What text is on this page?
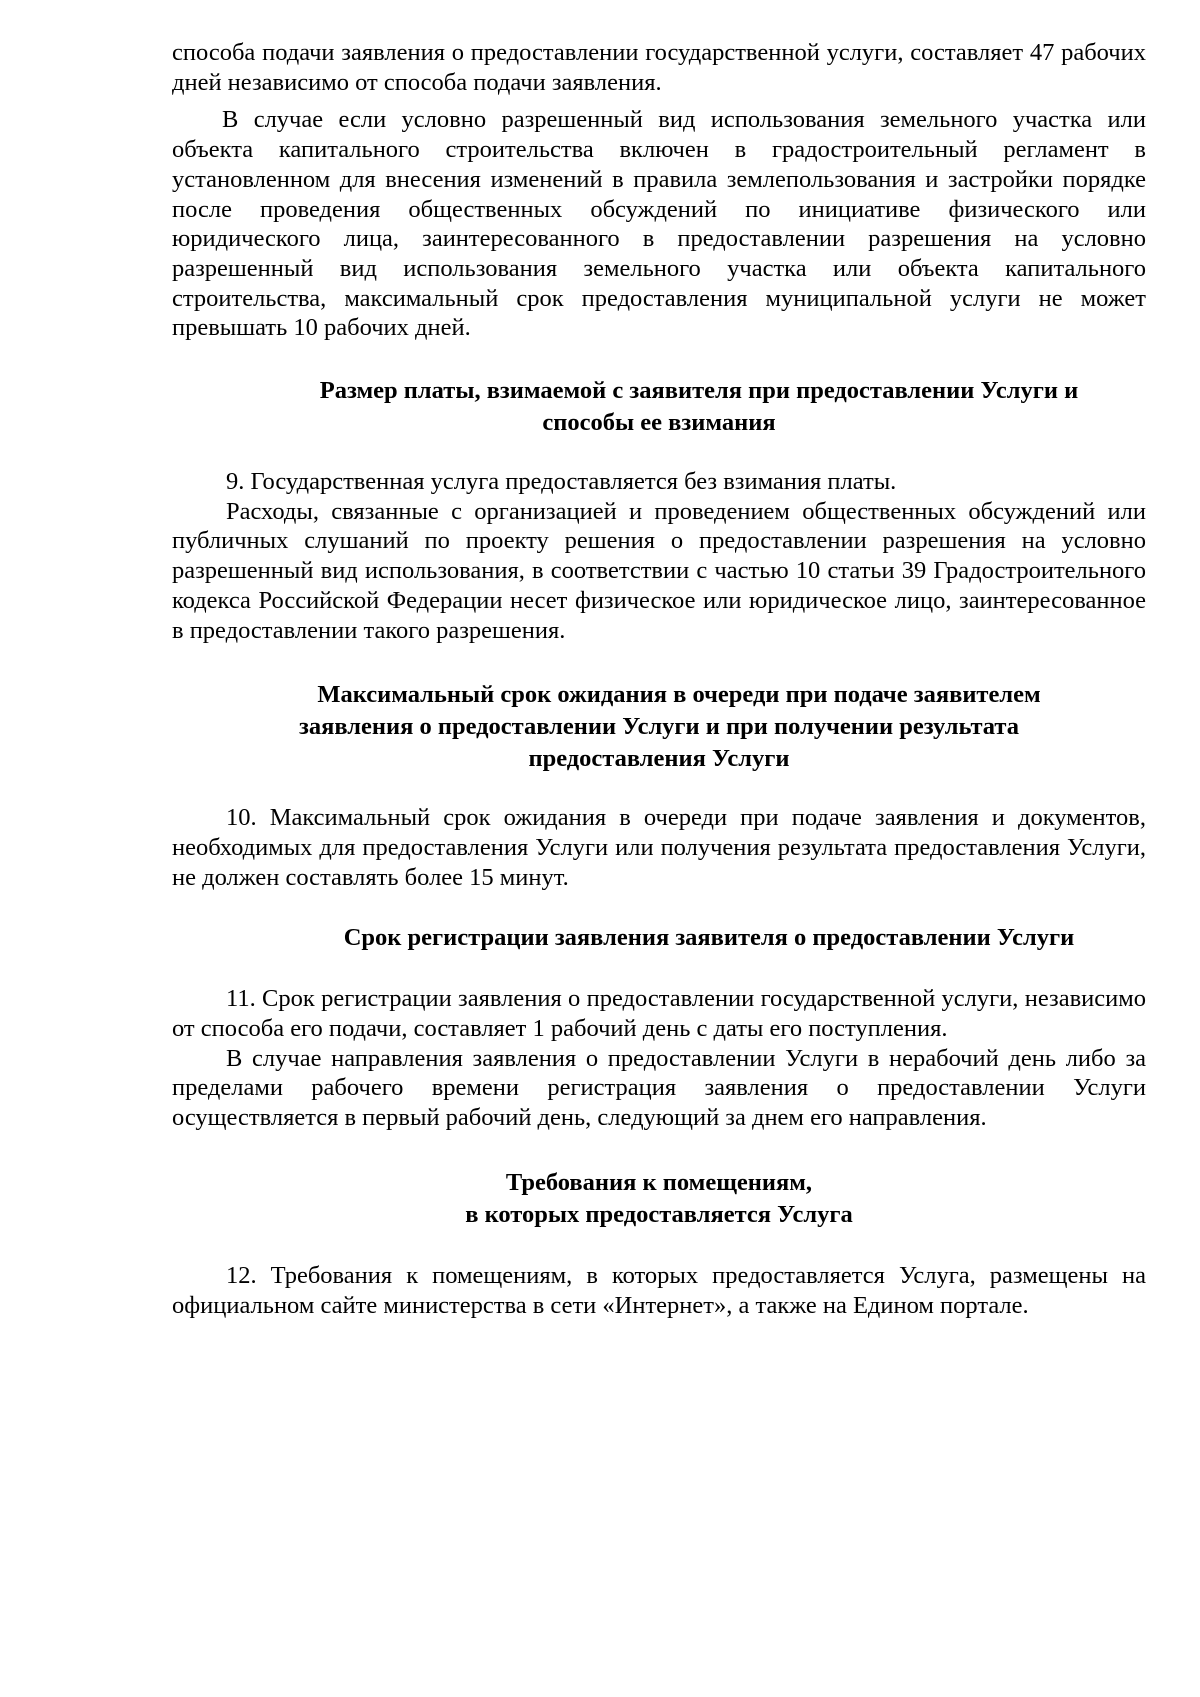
способа подачи заявления о предоставлении государственной услуги, составляет 47 рабочих дней независимо от способа подачи заявления.

В случае если условно разрешенный вид использования земельного участка или объекта капитального строительства включен в градостроительный регламент в установленном для внесения изменений в правила землепользования и застройки порядке после проведения общественных обсуждений по инициативе физического или юридического лица, заинтересованного в предоставлении разрешения на условно разрешенный вид использования земельного участка или объекта капитального строительства, максимальный срок предоставления муниципальной услуги не может превышать 10 рабочих дней.

Размер платы, взимаемой с заявителя при предоставлении Услуги и
способы ее взимания

9. Государственная услуга предоставляется без взимания платы.

Расходы, связанные с организацией и проведением общественных обсуждений или публичных слушаний по проекту решения о предоставлении разрешения на условно разрешенный вид использования, в соответствии с частью 10 статьи 39 Градостроительного кодекса Российской Федерации несет физическое или юридическое лицо, заинтересованное в предоставлении такого разрешения.

Максимальный срок ожидания в очереди при подаче заявителем
заявления о предоставлении Услуги и при получении результата
предоставления Услуги

10. Максимальный срок ожидания в очереди при подаче заявления и документов, необходимых для предоставления Услуги или получения результата предоставления Услуги, не должен составлять более 15 минут.

Срок регистрации заявления заявителя о предоставлении Услуги

11. Срок регистрации заявления о предоставлении государственной услуги, независимо от способа его подачи, составляет 1 рабочий день с даты его поступления.

В случае направления заявления о предоставлении Услуги в нерабочий день либо за пределами рабочего времени регистрация заявления о предоставлении Услуги осуществляется в первый рабочий день, следующий за днем его направления.

Требования к помещениям,
в которых предоставляется Услуга

12. Требования к помещениям, в которых предоставляется Услуга, размещены на официальном сайте министерства в сети «Интернет», а также на Едином портале.
